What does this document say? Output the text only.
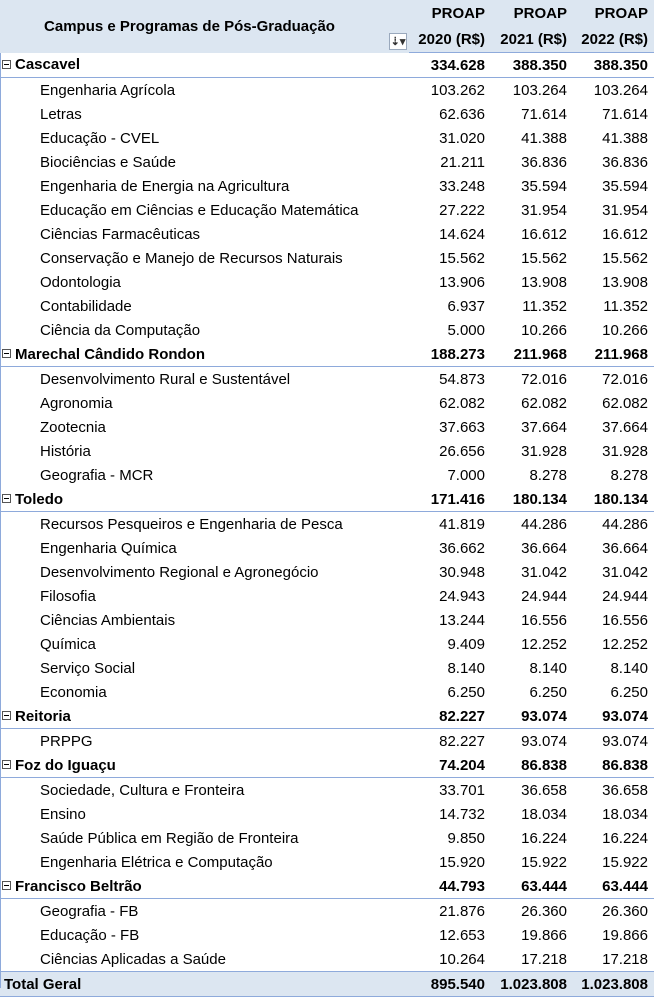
Campus e Programas de Pós-Graduação
⇣▾	PROAP	PROAP	PROAP
	2020 (R$)	2021 (R$)	2022 (R$)
Cascavel	334.628	388.350	388.350
Engenharia Agrícola	103.262	103.264	103.264
Letras	62.636	71.614	71.614
Educação - CVEL	31.020	41.388	41.388
Biociências e Saúde	21.211	36.836	36.836
Engenharia de Energia na Agricultura	33.248	35.594	35.594
Educação em Ciências e Educação Matemática	27.222	31.954	31.954
Ciências Farmacêuticas	14.624	16.612	16.612
Conservação e Manejo de Recursos Naturais	15.562	15.562	15.562
Odontologia	13.906	13.908	13.908
Contabilidade	6.937	11.352	11.352
Ciência da Computação	5.000	10.266	10.266
Marechal Cândido Rondon	188.273	211.968	211.968
Desenvolvimento Rural e Sustentável	54.873	72.016	72.016
Agronomia	62.082	62.082	62.082
Zootecnia	37.663	37.664	37.664
História	26.656	31.928	31.928
Geografia - MCR	7.000	8.278	8.278
Toledo	171.416	180.134	180.134
Recursos Pesqueiros e Engenharia de Pesca	41.819	44.286	44.286
Engenharia Química	36.662	36.664	36.664
Desenvolvimento Regional e Agronegócio	30.948	31.042	31.042
Filosofia	24.943	24.944	24.944
Ciências Ambientais	13.244	16.556	16.556
Química	9.409	12.252	12.252
Serviço Social	8.140	8.140	8.140
Economia	6.250	6.250	6.250
Reitoria	82.227	93.074	93.074
PRPPG	82.227	93.074	93.074
Foz do Iguaçu	74.204	86.838	86.838
Sociedade, Cultura e Fronteira	33.701	36.658	36.658
Ensino	14.732	18.034	18.034
Saúde Pública em Região de Fronteira	9.850	16.224	16.224
Engenharia Elétrica e Computação	15.920	15.922	15.922
Francisco Beltrão	44.793	63.444	63.444
Geografia - FB	21.876	26.360	26.360
Educação - FB	12.653	19.866	19.866
Ciências Aplicadas a Saúde	10.264	17.218	17.218
Total Geral	895.540	1.023.808	1.023.808
